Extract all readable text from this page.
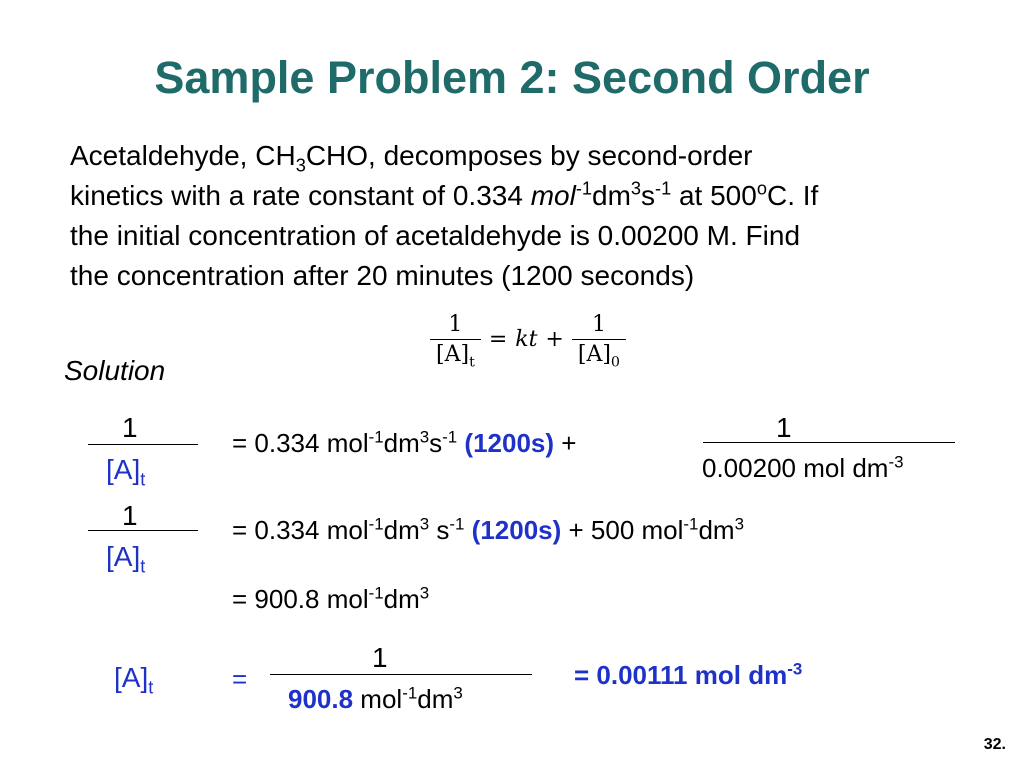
Sample Problem 2: Second Order
Acetaldehyde, $CH_3CHO$, decomposes by second-order
kinetics with a rate constant of 0.334 $mol^{-1}dm^3s^{-1}$ at 500$^o$C. If
the initial concentration of acetaldehyde is 0.00200 M. Find
the concentration after 20 minutes (1200 seconds)
$\frac{1}{[A]_t}$ = kt + $\frac{1}{[A]_0}$
Solution
1
$[A]_t$
= 0.334 $mol^{-1}dm^3s^{-1}$ (1200s) +	1
0.00200 mol $dm^{-3}$
1
$[A]_t$
= 0.334 $mol^{-1}dm^3$ $s^{-1}$ (1200s) + 500 $mol^{-1}dm^3$
= 900.8 $mol^{-1}dm^3$
$[A]_t$	=
1
900.8 $mol^{-1}dm^3$
= 0.00111 mol $dm^{-3}$
32.
